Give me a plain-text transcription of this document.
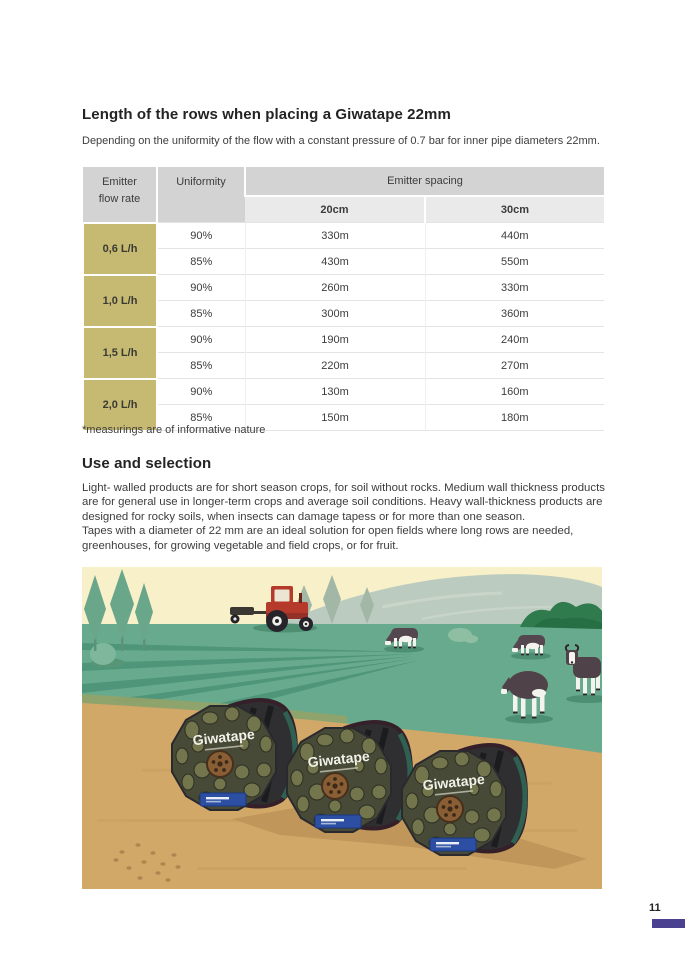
Length of the rows when placing a Giwatape 22mm
Depending on the uniformity of the flow with a constant pressure of 0.7 bar for inner pipe diameters 22mm.
Emitter
flow rate	Uniformity	Emitter spacing	
		20cm	30cm
0,6 L/h	90%	330m	440m
	85%	430m	550m
1,0 L/h	90%	260m	330m
	85%	300m	360m
1,5 L/h	90%	190m	240m
	85%	220m	270m
2,0 L/h	90%	130m	160m
	85%	150m	180m
*measurings are of informative nature
Use and selection

Light- walled products are for short season crops, for soil without rocks. Medium wall thickness products are for general use in longer-term crops and average soil conditions. Heavy wall-thickness products are designed for rocky soils, when insects can damage tapess or for more than one season.

Tapes with a diameter of 22 mm are an ideal solution for open fields where long rows are needed, greenhouses, for growing vegetable and field crops, or for fruit.

11
